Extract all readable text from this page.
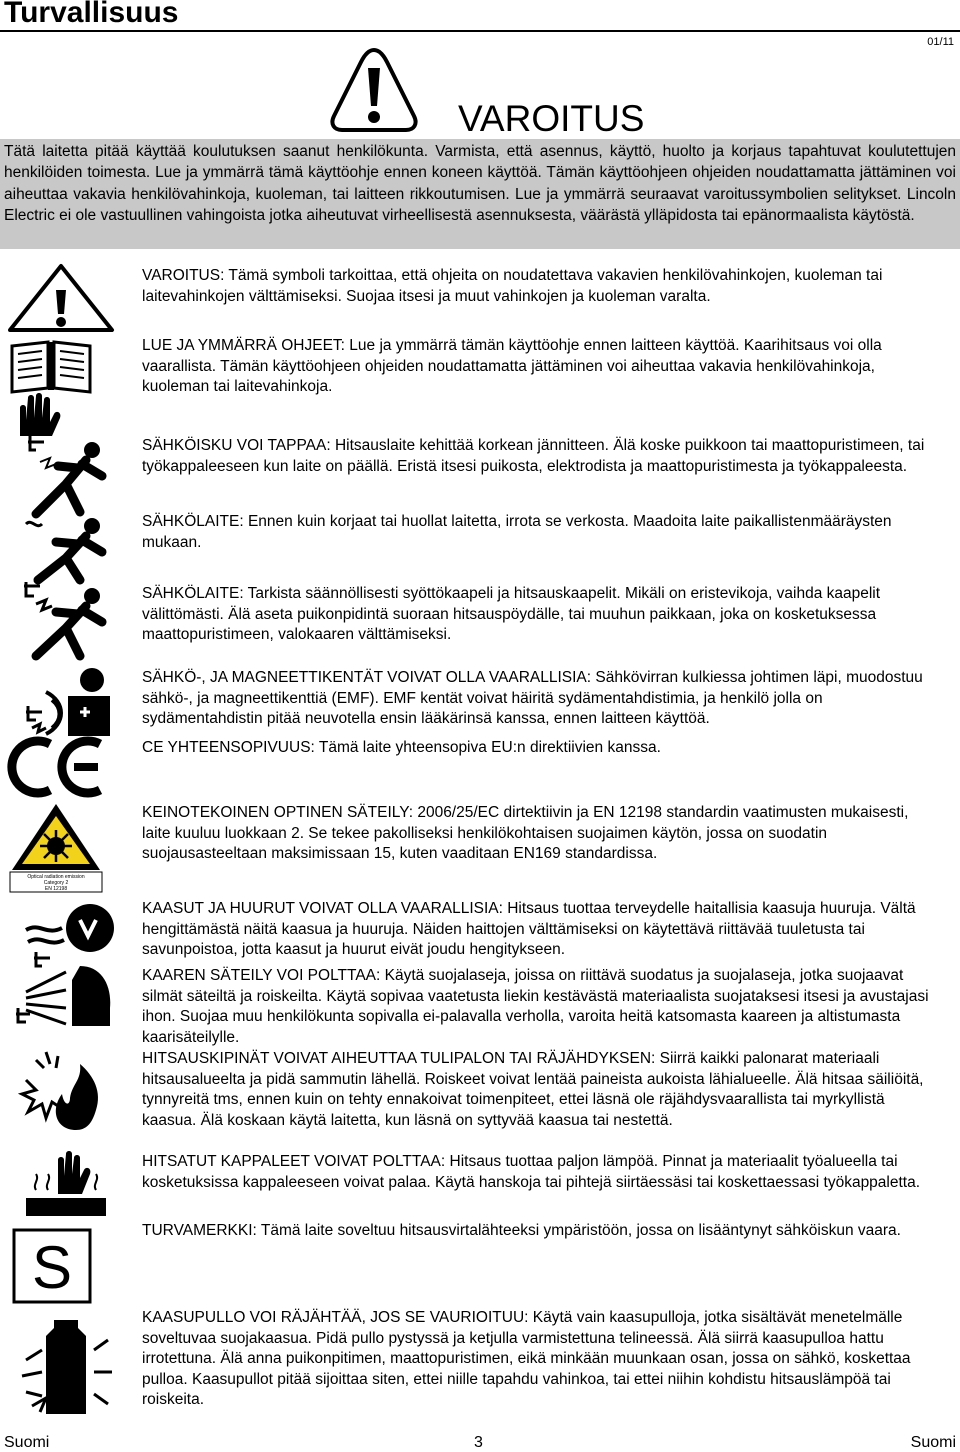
Turvallisuus
01/11
VAROITUS
Tätä laitetta pitää käyttää koulutuksen saanut henkilökunta. Varmista, että asennus, käyttö, huolto ja korjaus tapahtuvat koulutettujen henkilöiden toimesta. Lue ja ymmärrä tämä käyttöohje ennen koneen käyttöä. Tämän käyttöohjeen ohjeiden noudattamatta jättäminen voi aiheuttaa vakavia henkilövahinkoja, kuoleman, tai laitteen rikkoutumisen. Lue ja ymmärrä seuraavat varoitussymbolien selitykset. Lincoln Electric ei ole vastuullinen vahingoista jotka aiheutuvat virheellisestä asennuksesta, väärästä ylläpidosta tai epänormaalista käytöstä.
Optical radiation emission
Category 2
EN 12198
S
VAROITUS: Tämä symboli tarkoittaa, että ohjeita on noudatettava vakavien henkilövahinkojen, kuoleman tai laitevahinkojen välttämiseksi. Suojaa itsesi ja muut vahinkojen ja kuoleman varalta.
LUE JA YMMÄRRÄ OHJEET: Lue ja ymmärrä tämän käyttöohje ennen laitteen käyttöä. Kaarihitsaus voi olla vaarallista. Tämän käyttöohjeen ohjeiden noudattamatta jättäminen voi aiheuttaa vakavia henkilövahinkoja, kuoleman tai laitevahinkoja.
SÄHKÖISKU VOI TAPPAA: Hitsauslaite kehittää korkean jännitteen. Älä koske puikkoon tai maattopuristimeen, tai työkappaleeseen kun laite on päällä. Eristä itsesi puikosta, elektrodista ja maattopuristimesta ja työkappaleesta.
SÄHKÖLAITE: Ennen kuin korjaat tai huollat laitetta, irrota se verkosta. Maadoita laite paikallistenmääräysten mukaan.
SÄHKÖLAITE: Tarkista säännöllisesti syöttökaapeli ja hitsauskaapelit. Mikäli on eristevikoja, vaihda kaapelit välittömästi. Älä aseta puikonpidintä suoraan hitsauspöydälle, tai muuhun paikkaan, joka on kosketuksessa maattopuristimeen, valokaaren välttämiseksi.
SÄHKÖ-, JA MAGNEETTIKENTÄT VOIVAT OLLA VAARALLISIA: Sähkövirran kulkiessa johtimen läpi, muodostuu sähkö-, ja magneettikenttiä (EMF). EMF kentät voivat häiritä sydämentahdistimia, ja henkilö jolla on sydämentahdistin pitää neuvotella ensin lääkärinsä kanssa, ennen laitteen käyttöä.
CE YHTEENSOPIVUUS: Tämä laite yhteensopiva EU:n direktiivien kanssa.
KEINOTEKOINEN OPTINEN SÄTEILY: 2006/25/EC dirtektiivin ja EN 12198 standardin vaatimusten mukaisesti, laite kuuluu luokkaan 2. Se tekee pakolliseksi henkilökohtaisen suojaimen käytön, jossa on suodatin suojausasteeltaan maksimissaan 15, kuten vaaditaan EN169 standardissa.
KAASUT JA HUURUT VOIVAT OLLA VAARALLISIA: Hitsaus tuottaa terveydelle haitallisia kaasuja huuruja. Vältä hengittämästä näitä kaasua ja huuruja. Näiden haittojen välttämiseksi on käytettävä riittävää tuuletusta tai savunpoistoa, jotta kaasut ja huurut eivät joudu hengitykseen.
KAAREN SÄTEILY VOI POLTTAA: Käytä suojalaseja, joissa on riittävä suodatus ja suojalaseja, jotka suojaavat silmät säteiltä ja roiskeilta. Käytä sopivaa vaatetusta liekin kestävästä materiaalista suojataksesi itsesi ja avustajasi ihon. Suojaa muu henkilökunta sopivalla ei-palavalla verholla, varoita heitä katsomasta kaareen ja altistumasta kaarisäteilylle.
HITSAUSKIPINÄT VOIVAT AIHEUTTAA TULIPALON TAI RÄJÄHDYKSEN: Siirrä kaikki palonarat materiaali hitsausalueelta ja pidä sammutin lähellä. Roiskeet voivat lentää paineista aukoista lähialueelle. Älä hitsaa säiliöitä, tynnyreitä tms, ennen kuin on tehty ennakoivat toimenpiteet, ettei läsnä ole räjähdysvaarallista tai myrkyllistä kaasua. Älä koskaan käytä laitetta, kun läsnä on syttyvää kaasua tai nestettä.
HITSATUT KAPPALEET VOIVAT POLTTAA: Hitsaus tuottaa paljon lämpöä. Pinnat ja materiaalit työalueella tai kosketuksissa kappaleeseen voivat palaa. Käytä hanskoja tai pihtejä siirtäessäsi tai koskettaessasi työkappaletta.
TURVAMERKKI: Tämä laite soveltuu hitsausvirtalähteeksi ympäristöön, jossa on lisääntynyt sähköiskun vaara.
KAASUPULLO VOI RÄJÄHTÄÄ, JOS SE VAURIOITUU: Käytä vain kaasupulloja, jotka sisältävät menetelmälle soveltuvaa suojakaasua. Pidä pullo pystyssä ja ketjulla varmistettuna telineessä. Älä siirrä kaasupulloa hattu irrotettuna. Älä anna puikonpitimen, maattopuristimen, eikä minkään muunkaan osan, jossa on sähkö, koskettaa pulloa. Kaasupullot pitää sijoittaa siten, ettei niille tapahdu vahinkoa, tai ettei niihin kohdistu hitsauslämpöä tai roiskeita.
Suomi	3	Suomi
